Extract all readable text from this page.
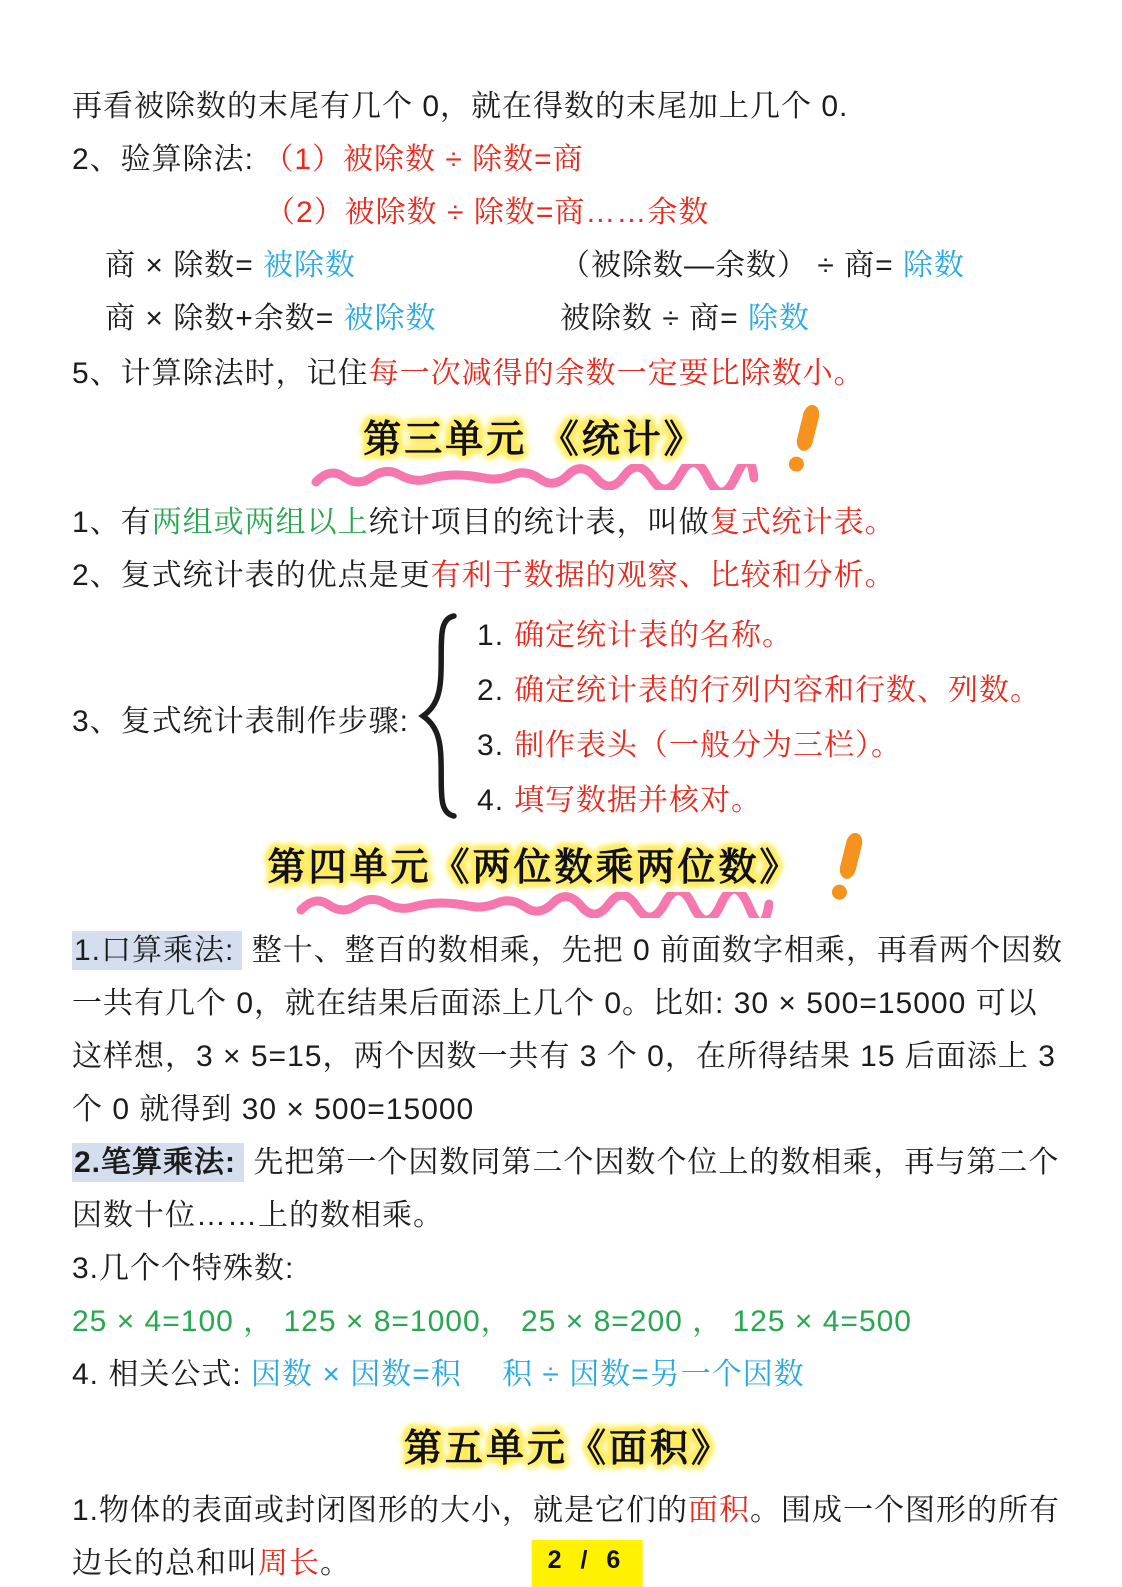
再看被除数的末尾有几个 0，就在得数的末尾加上几个 0.
2、验算除法: （1）被除数 ÷ 除数=商
（2）被除数 ÷ 除数=商……余数
商 × 除数= 被除数	（被除数—余数） ÷ 商= 除数
商 × 除数+余数= 被除数	被除数 ÷ 商= 除数
5、计算除法时，记住每一次减得的余数一定要比除数小。
第三单元 《统计》
1、有两组或两组以上统计项目的统计表，叫做复式统计表。
2、复式统计表的优点是更有利于数据的观察、比较和分析。
3、复式统计表制作步骤:
1. 确定统计表的名称。
2. 确定统计表的行列内容和行数、列数。
3. 制作表头（一般分为三栏）。
4. 填写数据并核对。
第四单元《两位数乘两位数》
1.口算乘法: 整十、整百的数相乘，先把 0 前面数字相乘，再看两个因数一共有几个 0，就在结果后面添上几个 0。比如: 30 × 500=15000 可以这样想，3 × 5=15，两个因数一共有 3 个 0，在所得结果 15 后面添上 3 个 0 就得到 30 × 500=15000
2.笔算乘法: 先把第一个因数同第二个因数个位上的数相乘，再与第二个因数十位……上的数相乘。
3.几个个特殊数:
25 × 4=100 ， 125 × 8=1000， 25 × 8=200 ， 125 × 4=500
4. 相关公式: 因数 × 因数=积　 积 ÷ 因数=另一个因数
第五单元《面积》
1.物体的表面或封闭图形的大小，就是它们的面积。围成一个图形的所有边长的总和叫周长。	2 / 6
